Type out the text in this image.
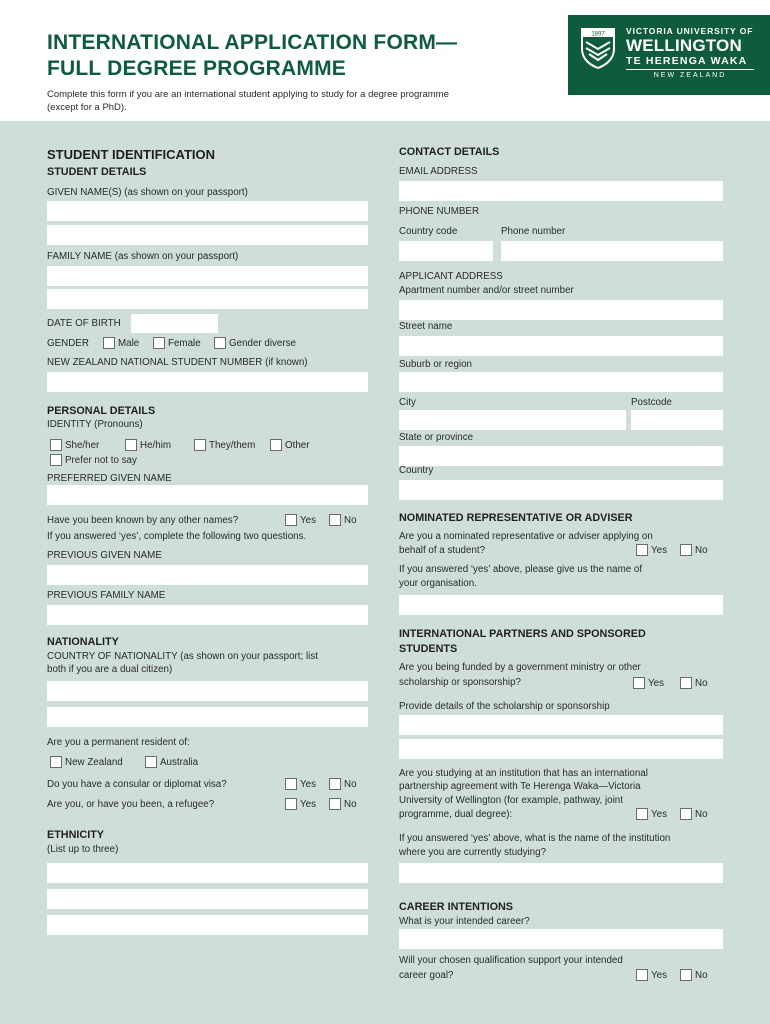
INTERNATIONAL APPLICATION FORM—
FULL DEGREE PROGRAMME
Complete this form if you are an international student applying to study for a degree programme
(except for a PhD).
1897	VICTORIA UNIVERSITY OF
WELLINGTON
TE HERENGA WAKA
NEW ZEALAND
STUDENT IDENTIFICATION
STUDENT DETAILS
GIVEN NAME(S) (as shown on your passport)
FAMILY NAME (as shown on your passport)
DATE OF BIRTH
GENDER	Male	Female	Gender diverse
NEW ZEALAND NATIONAL STUDENT NUMBER (if known)
PERSONAL DETAILS
IDENTITY (Pronouns)
She/her	He/him	They/them	Other
Prefer not to say
PREFERRED GIVEN NAME
Have you been known by any other names?	Yes	No
If you answered ‘yes’, complete the following two questions.
PREVIOUS GIVEN NAME
PREVIOUS FAMILY NAME
NATIONALITY
COUNTRY OF NATIONALITY (as shown on your passport; list
both if you are a dual citizen)
Are you a permanent resident of:
New Zealand	Australia
Do you have a consular or diplomat visa?	Yes	No
Are you, or have you been, a refugee?	Yes	No
ETHNICITY
(List up to three)
CONTACT DETAILS
EMAIL ADDRESS
PHONE NUMBER
Country code	Phone number
APPLICANT ADDRESS
Apartment number and/or street number
Street name
Suburb or region
City	Postcode
State or province
Country
NOMINATED REPRESENTATIVE OR ADVISER
Are you a nominated representative or adviser applying on
behalf of a student?	Yes	No
If you answered ‘yes’ above, please give us the name of
your organisation.
INTERNATIONAL PARTNERS AND SPONSORED
STUDENTS
Are you being funded by a government ministry or other
scholarship or sponsorship?	Yes	No
Provide details of the scholarship or sponsorship
Are you studying at an institution that has an international
partnership agreement with Te Herenga Waka—Victoria
University of Wellington (for example, pathway, joint
programme, dual degree):	Yes	No
If you answered ‘yes’ above, what is the name of the institution
where you are currently studying?
CAREER INTENTIONS
What is your intended career?
Will your chosen qualification support your intended
career goal?	Yes	No
